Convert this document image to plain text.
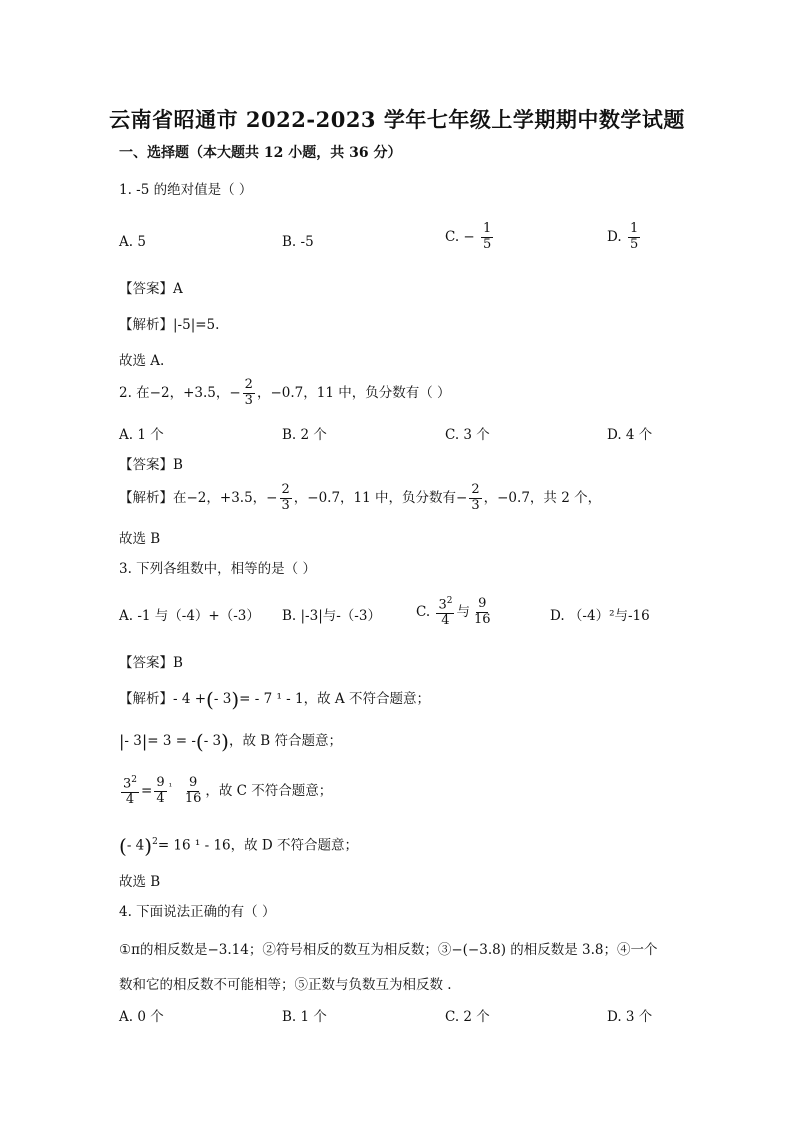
云南省昭通市 2022-2023 学年七年级上学期期中数学试题
一、选择题（本大题共 12 小题，共 36 分）
1. -5 的绝对值是（ ）
A. 5	B. -5	C. − $\frac{1}{5}$	D. $\frac{1}{5}$
【答案】A
【解析】|-5|=5.
故选 A.
2. 在−2，+3.5，− $\frac{2}{3}$ ，−0.7，11 中，负分数有（ ）
A. 1 个	B. 2 个	C. 3 个	D. 4 个
【答案】B
【解析】在−2，+3.5，− $\frac{2}{3}$ ，−0.7，11 中，负分数有− $\frac{2}{3}$ ，−0.7，共 2 个，
故选 B
3. 下列各组数中，相等的是（ ）
A. -1 与（-4）+（-3） B. |-3|与-（-3）	C. $\frac{3^2}{4}$ 与 $\frac{9}{16}$	D. （-4）²与-16
【答案】B
【解析】- 4 +(- 3)= - 7 ¹ - 1，故 A 不符合题意；
|- 3|= 3 = -(- 3)，故 B 符合题意；
$\frac{3^2}{4} = \frac{9}{4} ^{^1} \frac{9}{16}$ ，故 C 不符合题意；
(- 4)$^2$= 16 ¹ - 16，故 D 不符合题意；
故选 B
4. 下面说法正确的有（ ）
①π的相反数是−3.14；②符号相反的数互为相反数；③−(−3.8) 的相反数是 3.8；④一个
数和它的相反数不可能相等；⑤正数与负数互为相反数 .
A. 0 个	B. 1 个	C. 2 个	D. 3 个
